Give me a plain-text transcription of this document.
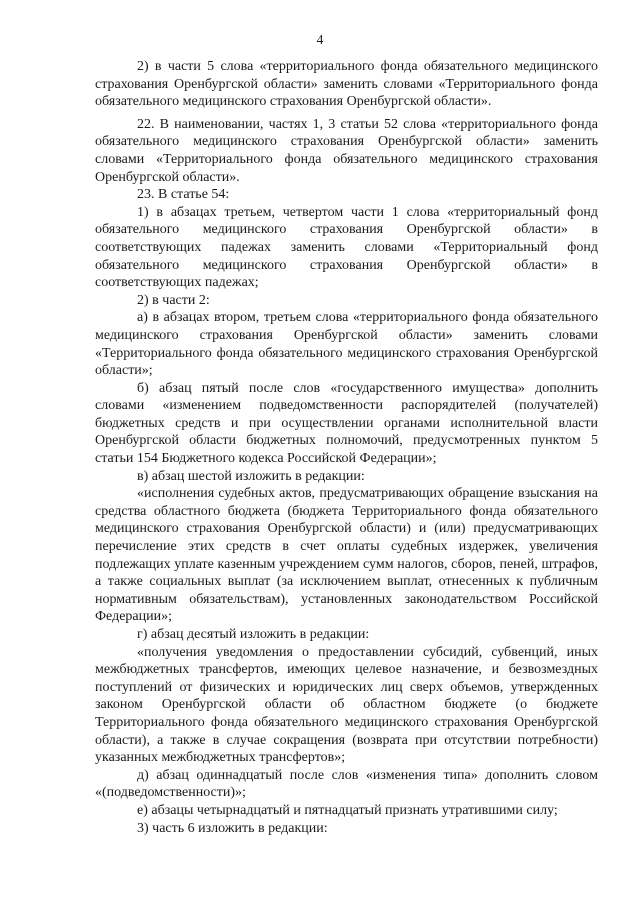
4

2) в части 5 слова «территориального фонда обязательного медицинского страхования Оренбургской области» заменить словами «Территориального фонда обязательного медицинского страхования Оренбургской области».

22. В наименовании, частях 1, 3 статьи 52 слова «территориального фонда обязательного медицинского страхования Оренбургской области» заменить словами «Территориального фонда обязательного медицинского страхования Оренбургской области».

23. В статье 54:

1) в абзацах третьем, четвертом части 1 слова «территориальный фонд обязательного медицинского страхования Оренбургской области» в соответствующих падежах заменить словами «Территориальный фонд обязательного медицинского страхования Оренбургской области» в соответствующих падежах;

2) в части 2:

а) в абзацах втором, третьем слова «территориального фонда обязательного медицинского страхования Оренбургской области» заменить словами «Территориального фонда обязательного медицинского страхования Оренбургской области»;

б) абзац пятый после слов «государственного имущества» дополнить словами «изменением подведомственности распорядителей (получателей) бюджетных средств и при осуществлении органами исполнительной власти Оренбургской области бюджетных полномочий, предусмотренных пунктом 5 статьи 154 Бюджетного кодекса Российской Федерации»;

в) абзац шестой изложить в редакции:

«исполнения судебных актов, предусматривающих обращение взыскания на средства областного бюджета (бюджета Территориального фонда обязательного медицинского страхования Оренбургской области) и (или) предусматривающих перечисление этих средств в счет оплаты судебных издержек, увеличения подлежащих уплате казенным учреждением сумм налогов, сборов, пеней, штрафов, а также социальных выплат (за исключением выплат, отнесенных к публичным нормативным обязательствам), установленных законодательством Российской Федерации»;

г) абзац десятый изложить в редакции:

«получения уведомления о предоставлении субсидий, субвенций, иных межбюджетных трансфертов, имеющих целевое назначение, и безвозмездных поступлений от физических и юридических лиц сверх объемов, утвержденных законом Оренбургской области об областном бюджете (о бюджете Территориального фонда обязательного медицинского страхования Оренбургской области), а также в случае сокращения (возврата при отсутствии потребности) указанных межбюджетных трансфертов»;

д) абзац одиннадцатый после слов «изменения типа» дополнить словом «(подведомственности)»;

е) абзацы четырнадцатый и пятнадцатый признать утратившими силу;

3) часть 6 изложить в редакции:
